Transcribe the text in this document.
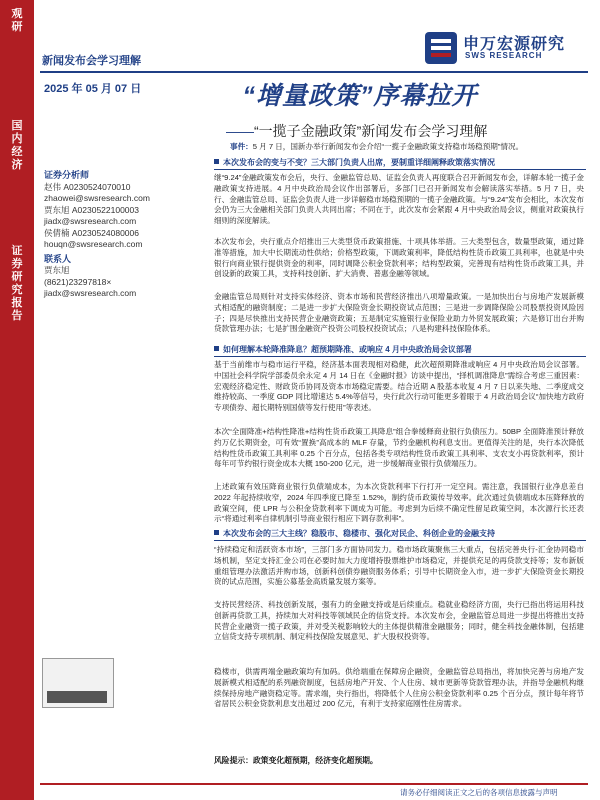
观研
国内经济
证券研究报告
申万宏源研究
SWS RESEARCH
新闻发布会学习理解
2025 年 05 月 07 日	“增量政策”序幕拉开
——“一揽子金融政策”新闻发布会学习理解
证券分析师
赵伟 A0230524070010
zhaowei@swsresearch.com
贾东旭 A0230522100003
jiadx@swsresearch.com
侯倩楠 A0230524080006
houqn@swsresearch.com
联系人
贾东旭
(8621)23297818×
jiadx@swsresearch.com
事件：5 月 7 日，国新办举行新闻发布会介绍“一揽子金融政策支持稳市场稳预期”情况。
本次发布会的变与不变？三大部门负责人出席，要制重详细阐释政策落实情况
继“9.24”金融政策发布会后，央行、金融监管总局、证监会负责人再度联合召开新闻发布会，详解本轮一揽子金融政策支持进展。4 月中央政治局会议作出部署后，多部门已召开新闻发布会解读落实举措。5 月 7 日，央行、金融监管总局、证监会负责人进一步详解稳市场稳预期的一揽子金融政策。与“9.24”发布会相比，本次发布会仍为三大金融相关部门负责人共同出席；不同在于，此次发布会紧跟 4 月中央政治局会议，侧重对政策执行细则的深度解读。
本次发布会，央行重点介绍推出三大类型货币政策措施、十项具体举措。三大类型包含，数量型政策，通过降准等措施，加大中长期流动性供给；价格型政策，下调政策利率，降低结构性货币政策工具利率，也就是中央银行向商业银行提供资金的利率，同时调降公积金贷款利率；结构型政策，完善现有结构性货币政策工具，并创设新的政策工具，支持科技创新、扩大消费、普惠金融等领域。
金融监管总局则针对支持实体经济、资本市场和民营经济推出八项增量政策。一是加快出台与房地产发展新模式相适配的融资制度；二是进一步扩大保险资金长期投资试点范围；三是进一步调降保险公司股票投资风险因子；四是尽快推出支持民营企业融资政策；五是制定实施银行业保险业助力外贸发展政策；六是修订出台并购贷款管理办法；七是扩围金融资产投资公司股权投资试点；八是构建科技保险体系。
如何理解本轮降准降息？超预期降准、或响应 4 月中央政治局会议部署
基于当前维市与稳市运行平稳，经济基本面表现相对稳健，此次超预期降准或响应 4 月中央政治局会议部署。中国社会科学院学部委员余永定 4 月 14 日在《金融时报》访谈中提出，“择机调准降息”需综合考虑三重因素：宏观经济稳定性、财政货币协同及资本市场稳定需要。结合近期 A 股基本收复 4 月 7 日以来失地、二季度成交维持较高、一季度 GDP 同比增速达 5.4%等信号，央行此次行动可能更多着眼于 4 月政治局会议“加快地方政府专项债券、超长期特别国债等发行使用”等表述。
本次“全面降准+结构性降准+结构性货币政策工具降息”组合拳缓释商业银行负债压力。50BP 全面降准预计释放约万亿长期资金，可有效“置换”高成本的 MLF 存量，节约金融机构利息支出。更值得关注的是，央行本次降低结构性货币政策工具利率 0.25 个百分点，包括各类专项结构性货币政策工具利率、支农支小再贷款利率，预计每年可节约银行资金成本大概 150-200 亿元，进一步缓解商业银行负债端压力。
上述政策有效压降商业银行负债端成本，为本次贷款利率下行打开一定空间。需注意，我国银行业净息差自 2022 年起持续收窄，2024 年四季度已降至 1.52%，制约货币政策传导效率。此次通过负债端成本压降释放的政策空间，使 LPR 与公积金贷款利率下调成为可能。考虑到为后续不确定性留足政策空间，本次源行长还表示“将通过利率自律机制引导商业银行相应下调存款利率”。
本次发布会的三大主线？稳股市、稳楼市、强化对民企、科创企业的金融支持
“持续稳定和活跃资本市场”，三部门多方面协同发力。稳市场政策聚焦三大重点，包括完善央行-汇金协同稳市场机制，坚定支持汇金公司在必要时加大力度增持股票维护市场稳定，并提供充足的再贷款支持等；发布新版重组管理办法激活并购市场，创新科创债券融资服务体系；引导中长期资金入市，进一步扩大保险资金长期投资的试点范围，实施公募基金高质量发展方案等。
支持民营经济、科技创新发展，强有力的金融支持或是后续重点。稳就业稳经济方面，央行已指出将运用科技创新再贷款工具，持续加大对科技等领域民企的信贷支持。本次发布会，金融监管总局进一步提出将推出支持民营企业融资一揽子政策，并对受关税影响较大的主体提供精准金融服务；同时，健全科技金融体制，包括建立信贷支持专项机制、制定科技保险发展意见、扩大股权投资等。
稳楼市，供需两端金融政策均有加码。供给端重在保障房企融资，金融监管总局指出，将加快完善与房地产发展新模式相适配的系列融资制度，包括房地产开发、个人住房、城市更新等贷款管理办法，并指导金融机构继续保持房地产融资稳定等。需求端，央行指出，将降低个人住房公积金贷款利率 0.25 个百分点，预计每年将节省居民公积金贷款利息支出超过 200 亿元，有利于支持家庭刚性住房需求。
风险提示：政策变化超预期，经济变化超预期。
请务必仔细阅读正文之后的各项信息披露与声明
